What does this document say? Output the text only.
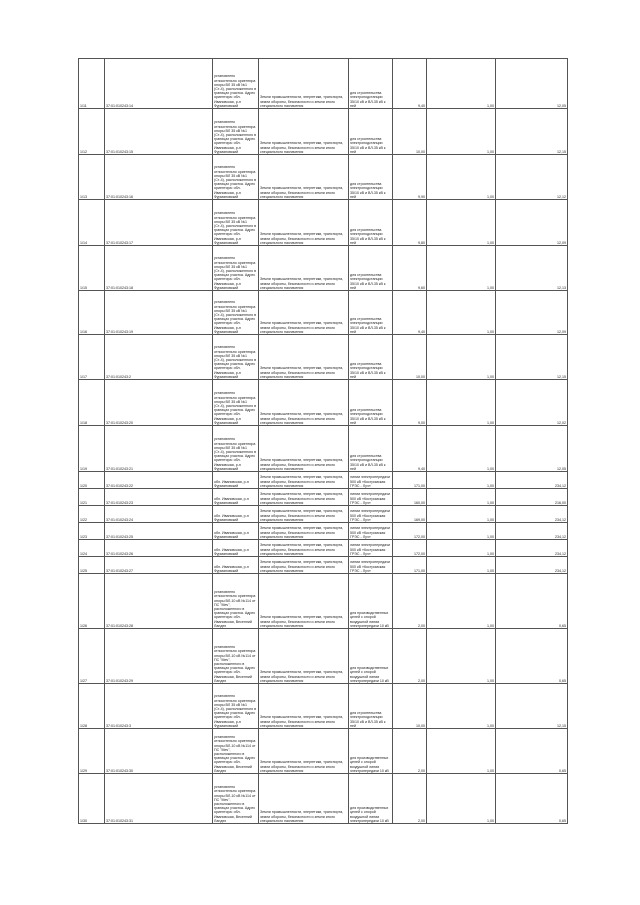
1/11	37:01:010243:14	установлено относительно ориентира опоры ВЛ 35 кВ №1 (Ст-4), расположенного в границах участка. Адрес ориентира: обл. Ивановская, р-н Фурмановский	Земли промышленности, энергетики, транспорта, земли обороны, безопасности и земли иного специального назначения	для строительства электроподстанции 35/10 кВ и ВЛ-35 кВ к ней	9,40	1,00	12,05
1/12	37:01:010243:15	установлено относительно ориентира опоры ВЛ 35 кВ №1 (Ст-4), расположенного в границах участка. Адрес ориентира: обл. Ивановская, р-н Фурмановский	Земли промышленности, энергетики, транспорта, земли обороны, безопасности и земли иного специального назначения	для строительства электроподстанции 35/10 кВ и ВЛ-35 кВ к ней	10,00	1,00	12,15
1/13	37:01:010243:16	установлено относительно ориентира опоры ВЛ 35 кВ №1 (Ст-4), расположенного в границах участка. Адрес ориентира: обл. Ивановская, р-н Фурмановский	Земли промышленности, энергетики, транспорта, земли обороны, безопасности и земли иного специального назначения	для строительства электроподстанции 35/10 кВ и ВЛ-35 кВ к ней	9,90	1,00	12,12
1/14	37:01:010243:17	установлено относительно ориентира опоры ВЛ 35 кВ №1 (Ст-4), расположенного в границах участка. Адрес ориентира: обл. Ивановская, р-н Фурмановский	Земли промышленности, энергетики, транспорта, земли обороны, безопасности и земли иного специального назначения	для строительства электроподстанции 35/10 кВ и ВЛ-35 кВ к ней	9,80	1,00	12,09
1/15	37:01:010243:18	установлено относительно ориентира опоры ВЛ 35 кВ №1 (Ст-4), расположенного в границах участка. Адрес ориентира: обл. Ивановская, р-н Фурмановский	Земли промышленности, энергетики, транспорта, земли обороны, безопасности и земли иного специального назначения	для строительства электроподстанции 35/10 кВ и ВЛ-35 кВ к ней	9,60	1,00	12,13
1/16	37:01:010243:19	установлено относительно ориентира опоры ВЛ 35 кВ №1 (Ст-4), расположенного в границах участка. Адрес ориентира: обл. Ивановская, р-н Фурмановский	Земли промышленности, энергетики, транспорта, земли обороны, безопасности и земли иного специального назначения	для строительства электроподстанции 35/10 кВ и ВЛ-35 кВ к ней	9,40	1,00	12,09
1/17	37:01:010243:2	установлено относительно ориентира опоры ВЛ 35 кВ №1 (Ст-4), расположенного в границах участка. Адрес ориентира: обл. Ивановская, р-н Фурмановский	Земли промышленности, энергетики, транспорта, земли обороны, безопасности и земли иного специального назначения	для строительства электроподстанции 35/10 кВ и ВЛ-35 кВ к ней	10,00	1,00	12,15
1/18	37:01:010243:20	установлено относительно ориентира опоры ВЛ 35 кВ №1 (Ст-4), расположенного в границах участка. Адрес ориентира: обл. Ивановская, р-н Фурмановский	Земли промышленности, энергетики, транспорта, земли обороны, безопасности и земли иного специального назначения	для строительства электроподстанции 35/10 кВ и ВЛ-35 кВ к ней	9,00	1,00	12,02
1/19	37:01:010243:21	установлено относительно ориентира опоры ВЛ 35 кВ №1 (Ст-4), расположенного в границах участка. Адрес ориентира: обл. Ивановская, р-н Фурмановский	Земли промышленности, энергетики, транспорта, земли обороны, безопасности и земли иного специального назначения	для строительства электроподстанции 35/10 кВ и ВЛ-35 кВ к ней	9,40	1,00	12,05
1/20	37:01:010243:22	обл. Ивановская, р-н Фурмановский	Земли промышленности, энергетики, транспорта, земли обороны, безопасности и земли иного специального назначения	линии электропередачи 500 кВ «Костромская ГРЭС - Луч»	171,00	1,00	234,12
1/21	37:01:010243:23	обл. Ивановская, р-н Фурмановский	Земли промышленности, энергетики, транспорта, земли обороны, безопасности и земли иного специального назначения	линии электропередачи 500 кВ «Костромская ГРЭС - Луч»	160,00	1,00	216,00
1/22	37:01:010243:24	обл. Ивановская, р-н Фурмановский	Земли промышленности, энергетики, транспорта, земли обороны, безопасности и земли иного специального назначения	линии электропередачи 500 кВ «Костромская ГРЭС - Луч»	169,00	1,00	234,12
1/23	37:01:010243:25	обл. Ивановская, р-н Фурмановский	Земли промышленности, энергетики, транспорта, земли обороны, безопасности и земли иного специального назначения	линии электропередачи 500 кВ «Костромская ГРЭС - Луч»	172,00	1,00	234,12
1/24	37:01:010243:26	обл. Ивановская, р-н Фурмановский	Земли промышленности, энергетики, транспорта, земли обороны, безопасности и земли иного специального назначения	линии электропередачи 500 кВ «Костромская ГРЭС - Луч»	172,00	1,00	234,12
1/25	37:01:010243:27	обл. Ивановская, р-н Фурмановский	Земли промышленности, энергетики, транспорта, земли обороны, безопасности и земли иного специального назначения	линии электропередачи 500 кВ «Костромская ГРЭС - Луч»	171,00	1,00	234,12
1/26	37:01:010243:28	установлено относительно ориентира опоры ВЛ-10 кВ №114 от ПС "Меч", расположенного в границах участка. Адрес ориентира: обл. Ивановская, Весенний Ландех	Земли промышленности, энергетики, транспорта, земли обороны, безопасности и земли иного специального назначения	для производственных целей с опорой воздушной линии электропередачи 10 кВ	2,00	1,00	0,65
1/27	37:01:010243:29	установлено относительно ориентира опоры ВЛ-10 кВ №114 от ПС "Меч", расположенного в границах участка. Адрес ориентира: обл. Ивановская, Весенний Ландех	Земли промышленности, энергетики, транспорта, земли обороны, безопасности и земли иного специального назначения	для производственных целей с опорой воздушной линии электропередачи 10 кВ	2,00	1,00	0,65
1/28	37:01:010243:3	установлено относительно ориентира опоры ВЛ 35 кВ №1 (Ст-4), расположенного в границах участка. Адрес ориентира: обл. Ивановская, р-н Фурмановский	Земли промышленности, энергетики, транспорта, земли обороны, безопасности и земли иного специального назначения	для строительства электроподстанции 35/10 кВ и ВЛ-35 кВ к ней	10,00	1,00	12,15
1/29	37:01:010243:30	установлено относительно ориентира опоры ВЛ-10 кВ №114 от ПС "Меч", расположенного в границах участка. Адрес ориентира: обл. Ивановская, Весенний Ландех	Земли промышленности, энергетики, транспорта, земли обороны, безопасности и земли иного специального назначения	для производственных целей с опорой воздушной линии электропередачи 10 кВ	2,00	1,00	0,65
1/30	37:01:010243:31	установлено относительно ориентира опоры ВЛ-10 кВ №114 от ПС "Меч", расположенного в границах участка. Адрес ориентира: обл. Ивановская, Весенний Ландех	Земли промышленности, энергетики, транспорта, земли обороны, безопасности и земли иного специального назначения	для производственных целей с опорой воздушной линии электропередачи 10 кВ	2,00	1,00	0,65
